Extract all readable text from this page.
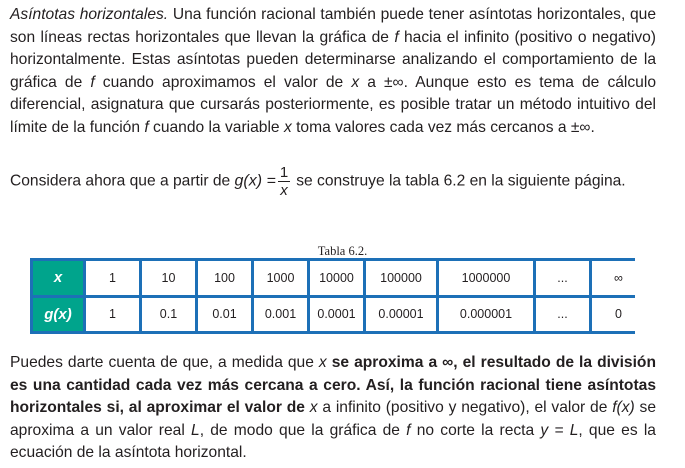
Asíntotas horizontales. Una función racional también puede tener asíntotas horizontales, que son líneas rectas horizontales que llevan la gráfica de f hacia el infinito (positivo o negativo) horizontalmente. Estas asíntotas pueden determinarse analizando el comportamiento de la gráfica de f cuando aproximamos el valor de x a ±∞. Aunque esto es tema de cálculo diferencial, asignatura que cursarás posteriormente, es posible tratar un método intuitivo del límite de la función f cuando la variable x toma valores cada vez más cercanos a ±∞.
Considera ahora que a partir de $g(x) = \frac{1}{x}$ se construye la tabla 6.2 en la siguiente página.
Tabla 6.2.
x	1	10	100	1000	10000	100000	1000000	...	∞
g(x)	1	0.1	0.01	0.001	0.0001	0.00001	0.000001	...	0
Puedes darte cuenta de que, a medida que x se aproxima a ∞, el resultado de la división es una cantidad cada vez más cercana a cero. Así, la función racional tiene asíntotas horizontales si, al aproximar el valor de x a infinito (positivo y negativo), el valor de f(x) se aproxima a un valor real L, de modo que la gráfica de f no corte la recta y = L, que es la ecuación de la asíntota horizontal.
